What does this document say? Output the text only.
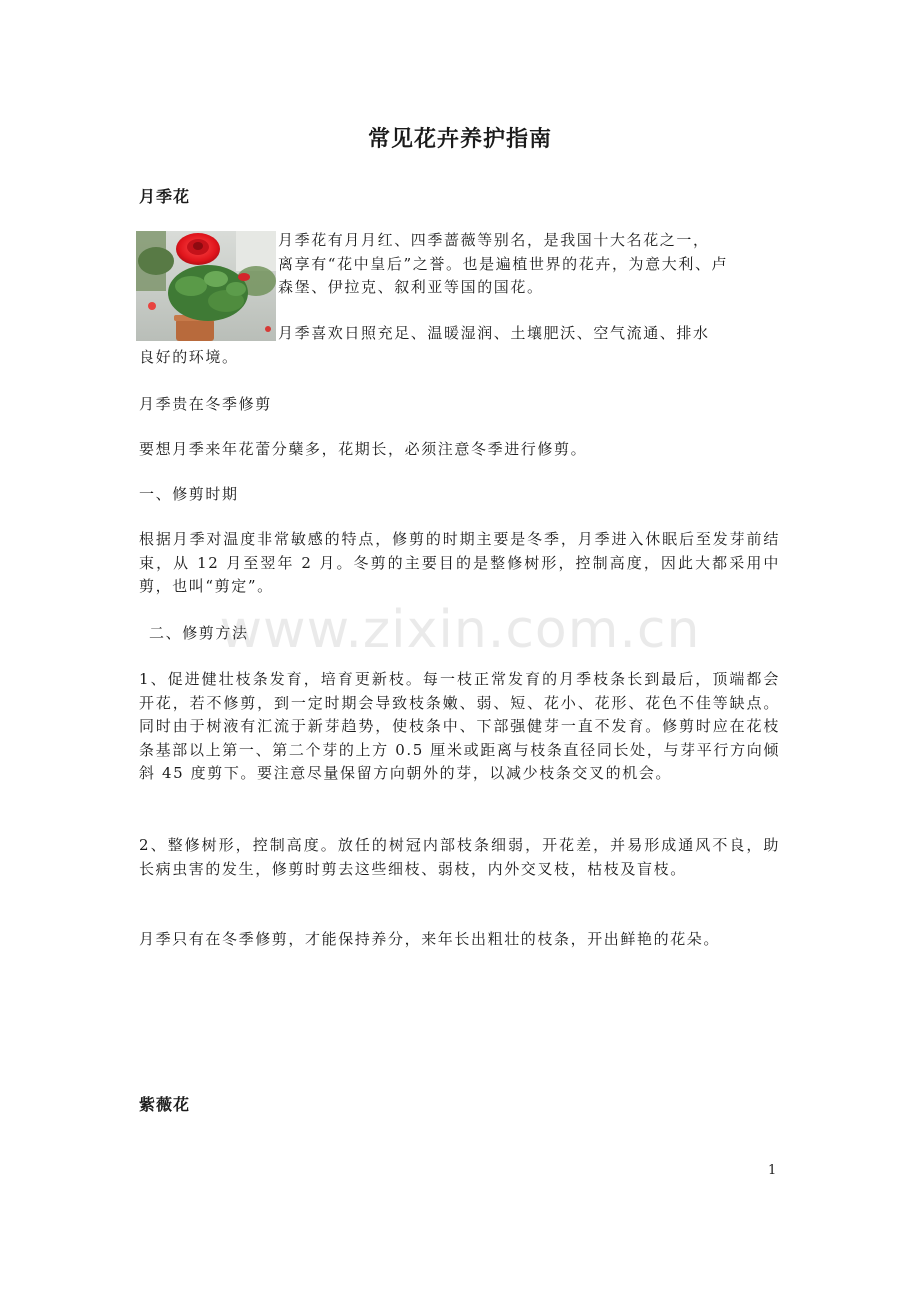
常见花卉养护指南
月季花

月季花有月月红、四季蔷薇等别名，是我国十大名花之一，
离享有“花中皇后”之誉。也是遍植世界的花卉，为意大利、卢
森堡、伊拉克、叙利亚等国的国花。

月季喜欢日照充足、温暖湿润、土壤肥沃、空气流通、排水
良好的环境。

月季贵在冬季修剪

要想月季来年花蕾分蘖多，花期长，必须注意冬季进行修剪。

一、修剪时期

根据月季对温度非常敏感的特点，修剪的时期主要是冬季，月季进入休眠后至发芽前结束，从 12 月至翌年 2 月。冬剪的主要目的是整修树形，控制高度，因此大都采用中剪，也叫“剪定”。

二、修剪方法

1、促进健壮枝条发育，培育更新枝。每一枝正常发育的月季枝条长到最后，顶端都会开花，若不修剪，到一定时期会导致枝条嫩、弱、短、花小、花形、花色不佳等缺点。同时由于树液有汇流于新芽趋势，使枝条中、下部强健芽一直不发育。修剪时应在花枝条基部以上第一、第二个芽的上方 0.5 厘米或距离与枝条直径同长处，与芽平行方向倾斜 45 度剪下。要注意尽量保留方向朝外的芽，以减少枝条交叉的机会。

2、整修树形，控制高度。放任的树冠内部枝条细弱，开花差，并易形成通风不良，助长病虫害的发生，修剪时剪去这些细枝、弱枝，内外交叉枝，枯枝及盲枝。

月季只有在冬季修剪，才能保持养分，来年长出粗壮的枝条，开出鲜艳的花朵。

紫薇花
www.zixin.com.cn
1
